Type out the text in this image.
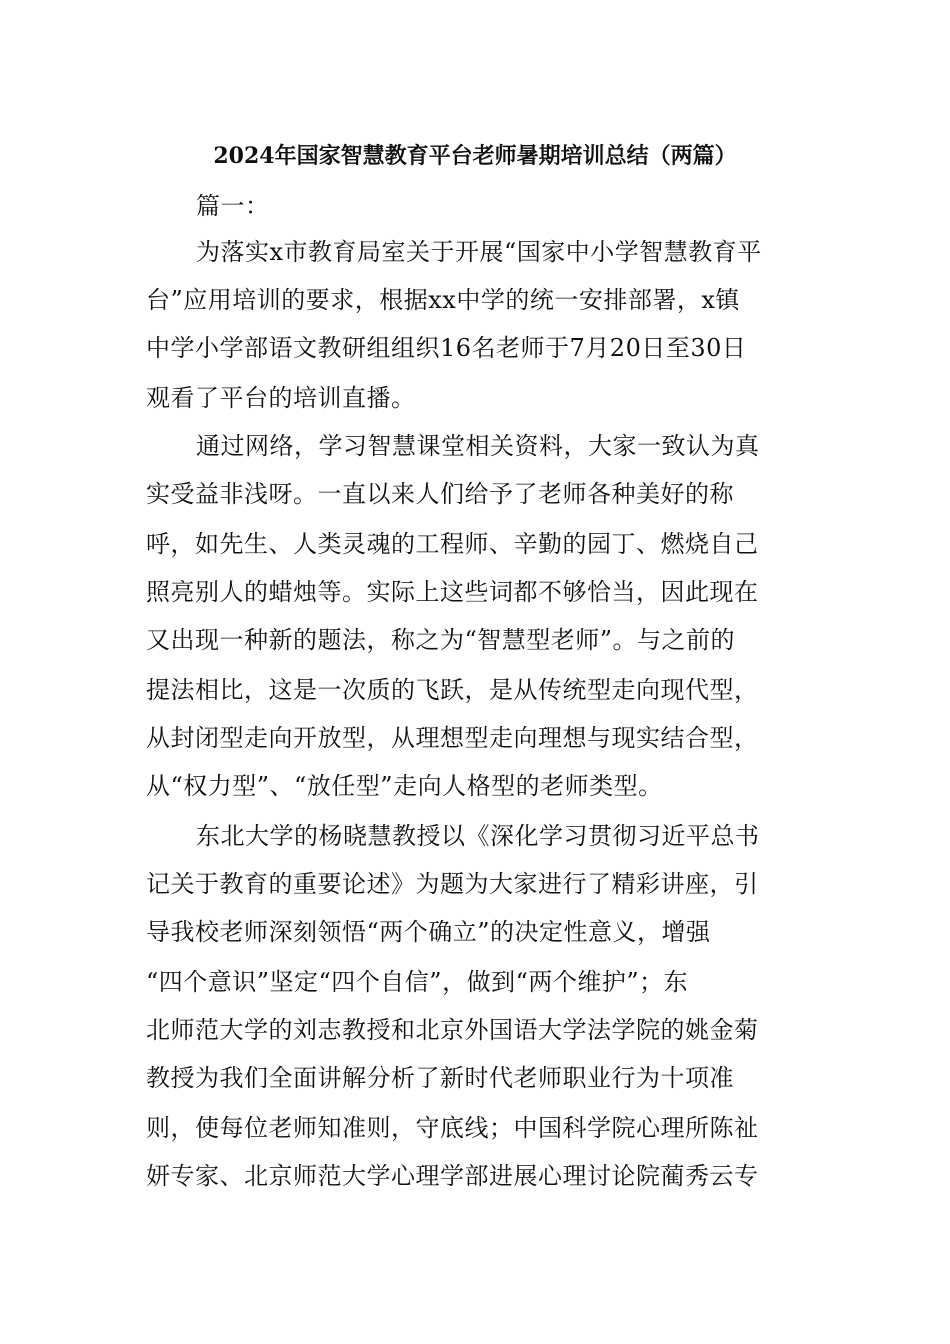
2024年国家智慧教育平台老师暑期培训总结（两篇）
篇一：
为落实x市教育局室关于开展“国家中小学智慧教育平
台”应用培训的要求，根据xx中学的统一安排部署，x镇
中学小学部语文教研组组织16名老师于7月20日至30日
观看了平台的培训直播。
通过网络，学习智慧课堂相关资料，大家一致认为真
实受益非浅呀。一直以来人们给予了老师各种美好的称
呼，如先生、人类灵魂的工程师、辛勤的园丁、燃烧自己
照亮别人的蜡烛等。实际上这些词都不够恰当，因此现在
又出现一种新的题法，称之为“智慧型老师”。与之前的
提法相比，这是一次质的飞跃，是从传统型走向现代型，
从封闭型走向开放型，从理想型走向理想与现实结合型，
从“权力型”、“放任型”走向人格型的老师类型。
东北大学的杨晓慧教授以《深化学习贯彻习近平总书
记关于教育的重要论述》为题为大家进行了精彩讲座，引
导我校老师深刻领悟“两个确立”的决定性意义，增强
“四个意识”坚定“四个自信”，做到“两个维护”；东
北师范大学的刘志教授和北京外国语大学法学院的姚金菊
教授为我们全面讲解分析了新时代老师职业行为十项准
则，使每位老师知准则，守底线；中国科学院心理所陈祉
妍专家、北京师范大学心理学部进展心理讨论院蔺秀云专
